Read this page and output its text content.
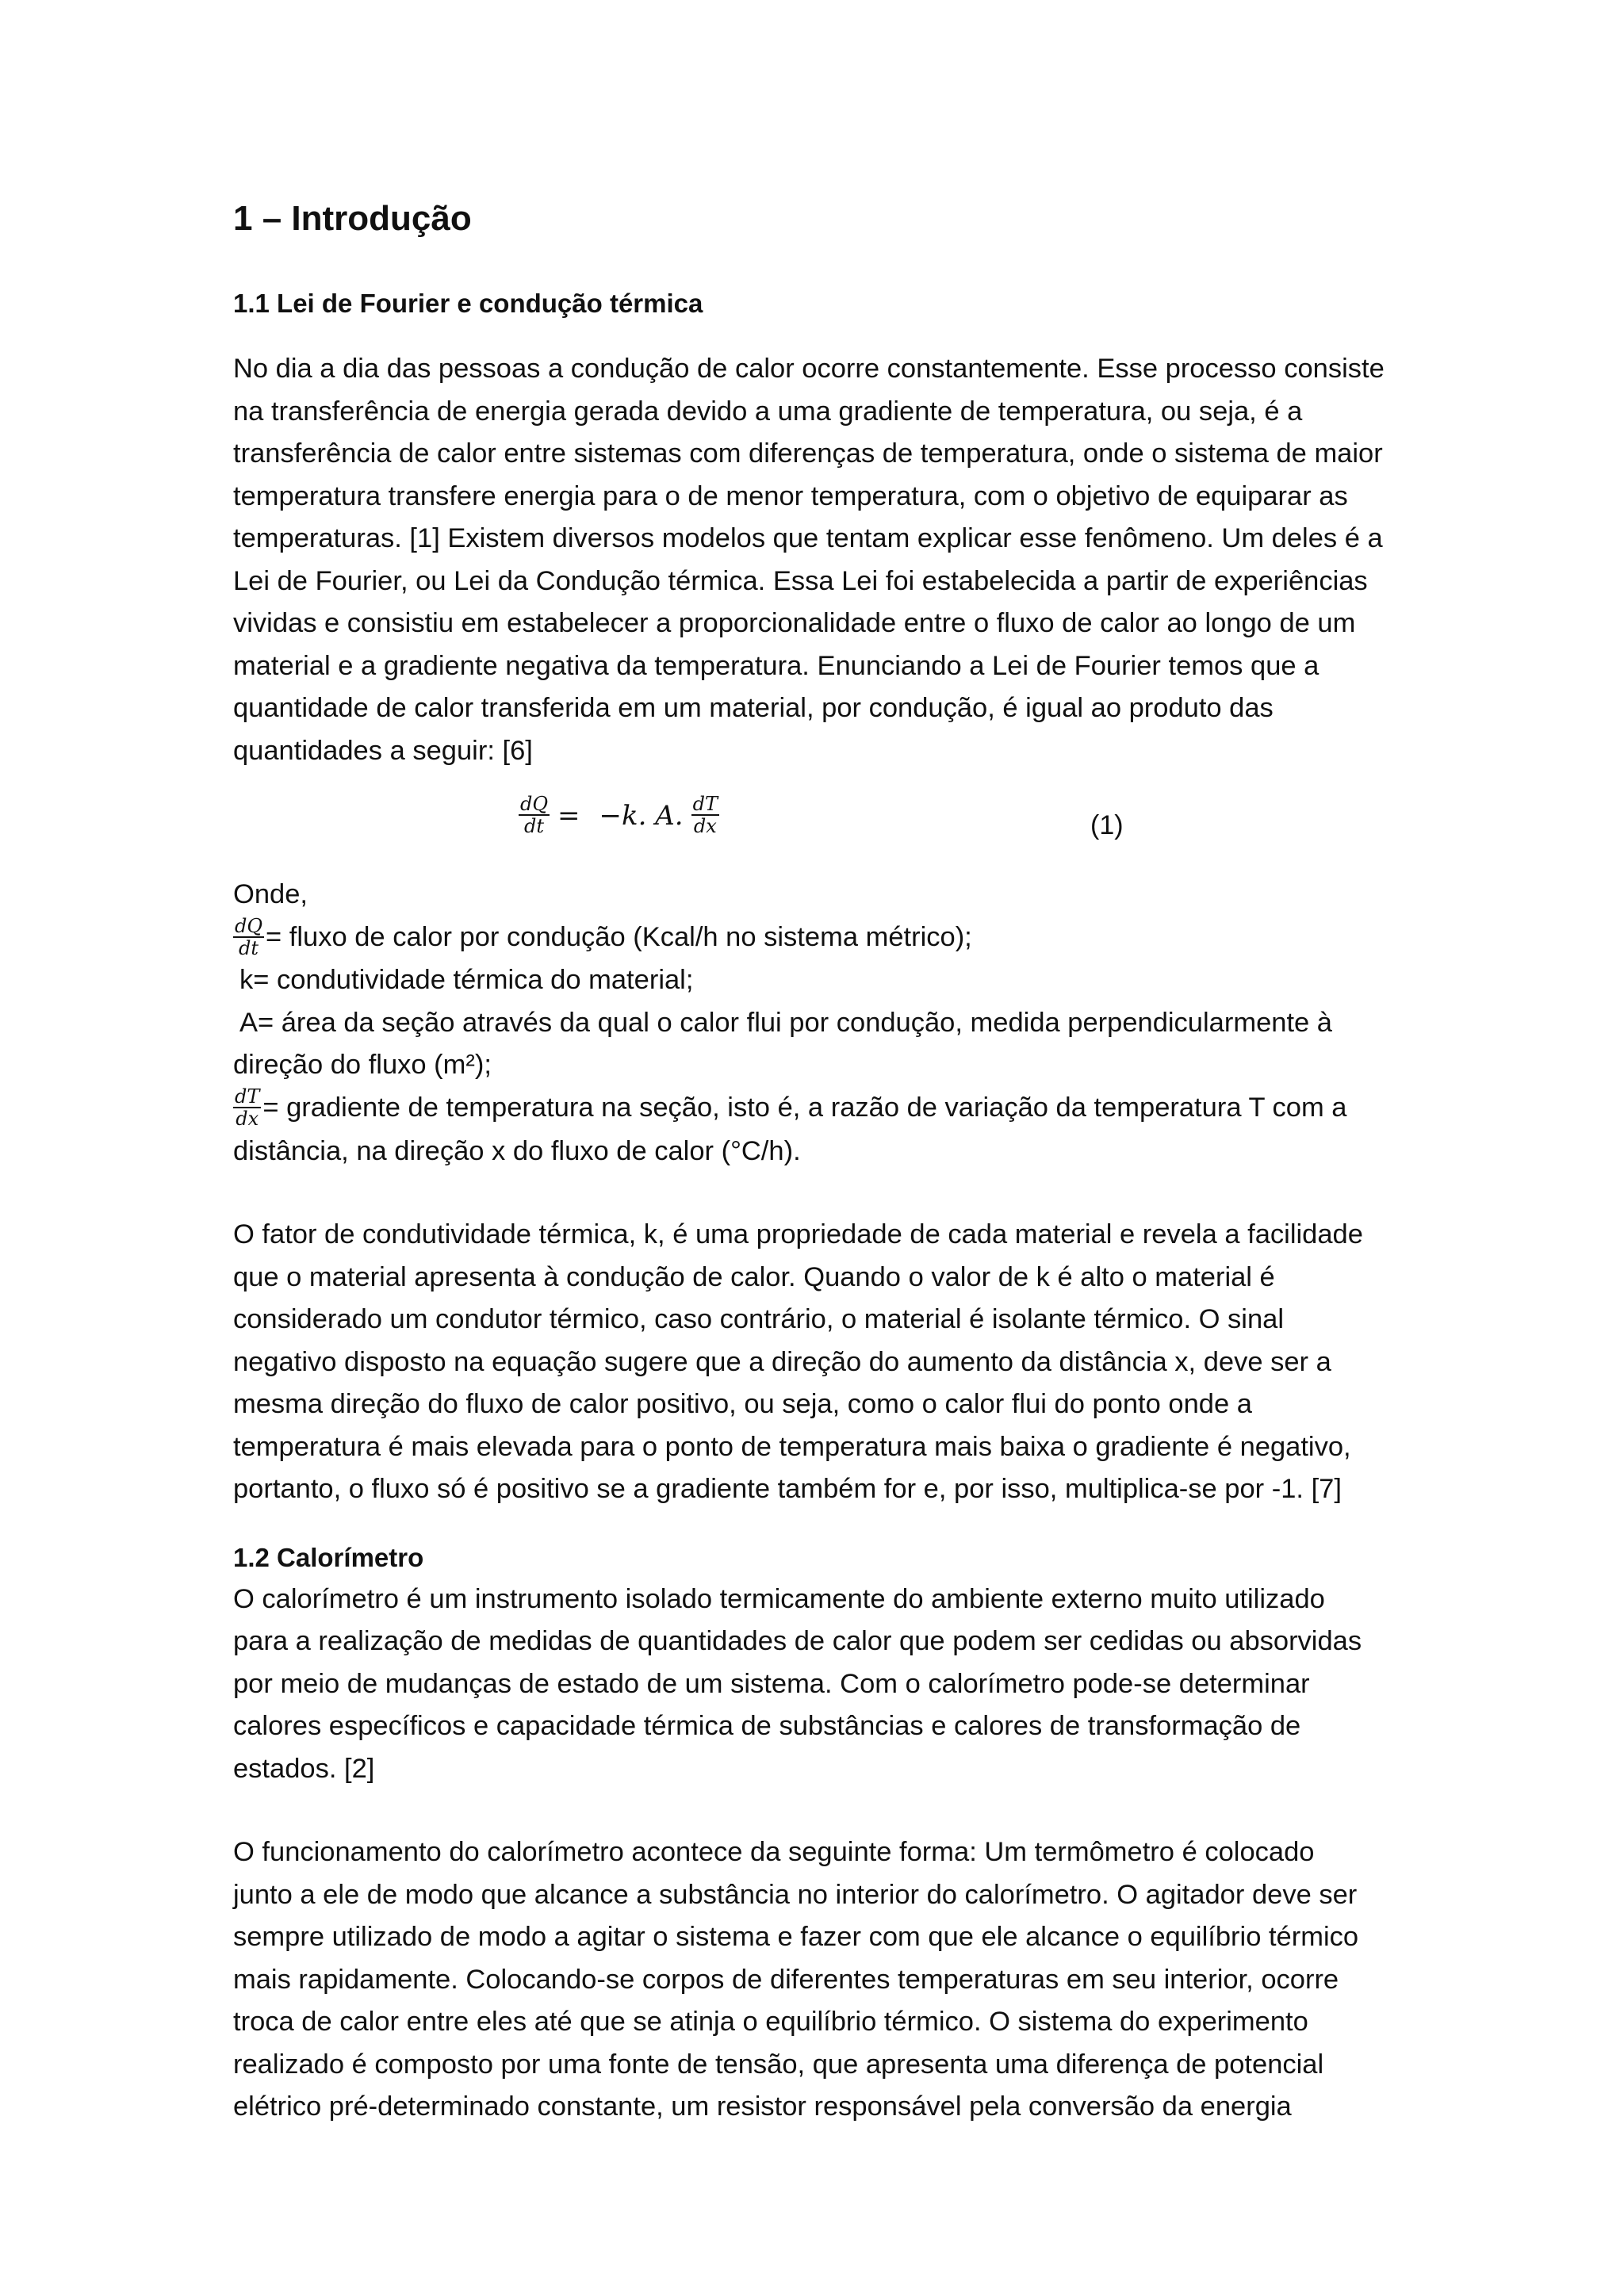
1 – Introdução
1.1 Lei de Fourier e condução térmica
No dia a dia das pessoas a condução de calor ocorre constantemente. Esse processo consiste
na transferência de energia gerada devido a uma gradiente de temperatura, ou seja, é a
transferência de calor entre sistemas com diferenças de temperatura, onde o sistema de maior
temperatura transfere energia para o de menor temperatura, com o objetivo de equiparar as
temperaturas. [1] Existem diversos modelos que tentam explicar esse fenômeno. Um deles é a
Lei de Fourier, ou Lei da Condução térmica. Essa Lei foi estabelecida a partir de experiências
vividas e consistiu em estabelecer a proporcionalidade entre o fluxo de calor ao longo de um
material e a gradiente negativa da temperatura. Enunciando a Lei de Fourier temos que a
quantidade de calor transferida em um material, por condução, é igual ao produto das
quantidades a seguir: [6]
$\frac{dQ}{dt} = -k$. A. $\frac{dT}{dx}$	(1)
Onde,
$\frac{dQ}{dt}$ = fluxo de calor por condução (Kcal/h no sistema métrico);
k= condutividade térmica do material;
A= área da seção através da qual o calor flui por condução, medida perpendicularmente à
direção do fluxo (m²);
$\frac{dT}{dx}$ = gradiente de temperatura na seção, isto é, a razão de variação da temperatura T com a
distância, na direção x do fluxo de calor (°C/h).
O fator de condutividade térmica, k, é uma propriedade de cada material e revela a facilidade
que o material apresenta à condução de calor. Quando o valor de k é alto o material é
considerado um condutor térmico, caso contrário, o material é isolante térmico. O sinal
negativo disposto na equação sugere que a direção do aumento da distância x, deve ser a
mesma direção do fluxo de calor positivo, ou seja, como o calor flui do ponto onde a
temperatura é mais elevada para o ponto de temperatura mais baixa o gradiente é negativo,
portanto, o fluxo só é positivo se a gradiente também for e, por isso, multiplica-se por -1. [7]
1.2 Calorímetro
O calorímetro é um instrumento isolado termicamente do ambiente externo muito utilizado
para a realização de medidas de quantidades de calor que podem ser cedidas ou absorvidas
por meio de mudanças de estado de um sistema. Com o calorímetro pode-se determinar
calores específicos e capacidade térmica de substâncias e calores de transformação de
estados. [2]
O funcionamento do calorímetro acontece da seguinte forma: Um termômetro é colocado
junto a ele de modo que alcance a substância no interior do calorímetro. O agitador deve ser
sempre utilizado de modo a agitar o sistema e fazer com que ele alcance o equilíbrio térmico
mais rapidamente. Colocando-se corpos de diferentes temperaturas em seu interior, ocorre
troca de calor entre eles até que se atinja o equilíbrio térmico. O sistema do experimento
realizado é composto por uma fonte de tensão, que apresenta uma diferença de potencial
elétrico pré-determinado constante, um resistor responsável pela conversão da energia
